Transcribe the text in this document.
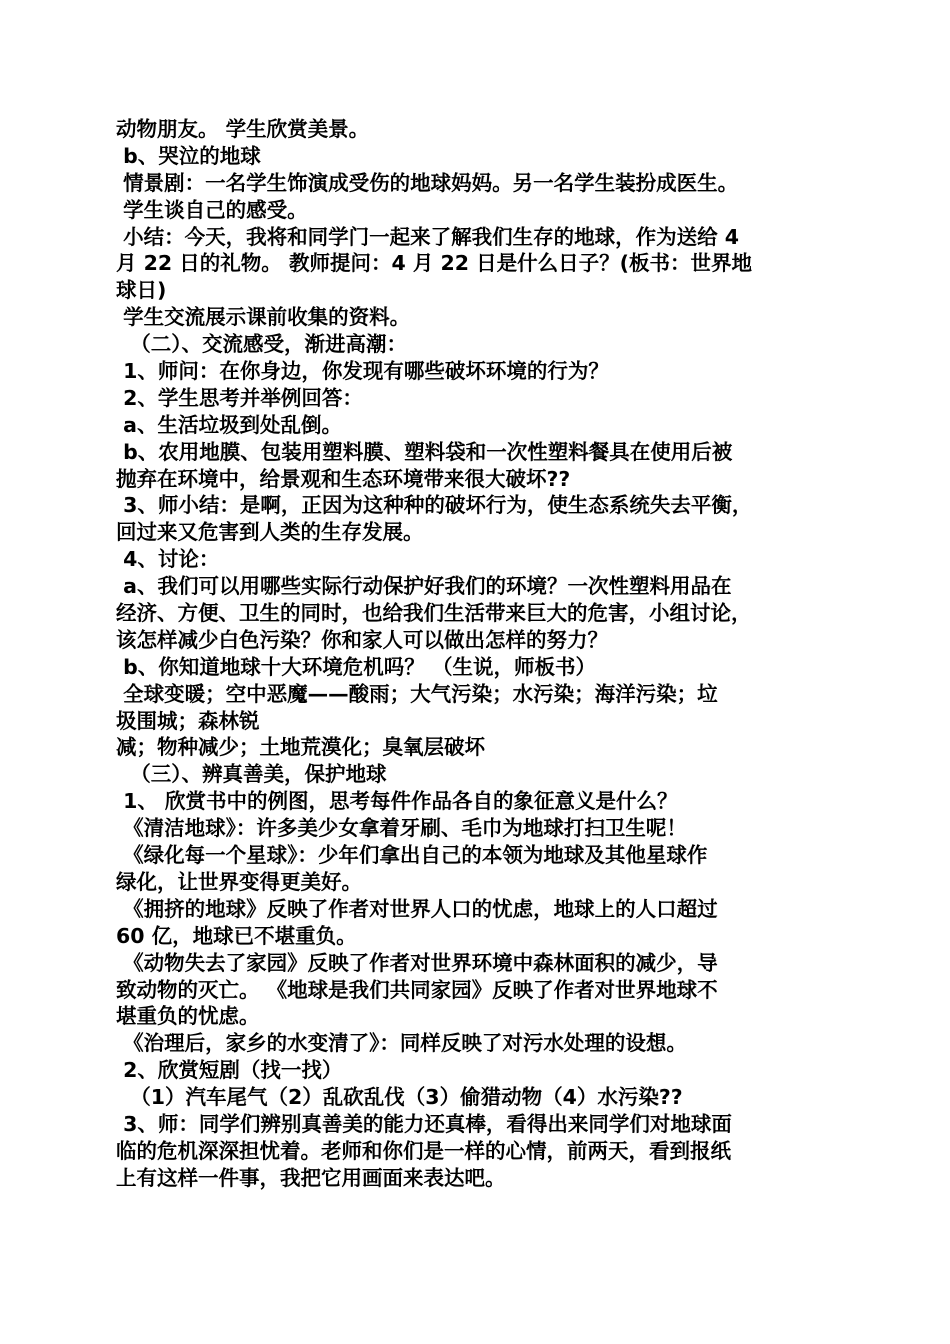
动物朋友。 学生欣赏美景。
b、哭泣的地球
情景剧：一名学生饰演成受伤的地球妈妈。另一名学生装扮成医生。
学生谈自己的感受。
小结：今天，我将和同学门一起来了解我们生存的地球，作为送给 4
月 22 日的礼物。 教师提问：4 月 22 日是什么日子？(板书：世界地
球日)
学生交流展示课前收集的资料。
（二）、交流感受，渐进高潮：
1、师问：在你身边，你发现有哪些破坏环境的行为？
2、学生思考并举例回答：
a、生活垃圾到处乱倒。
b、农用地膜、包装用塑料膜、塑料袋和一次性塑料餐具在使用后被
抛弃在环境中，给景观和生态环境带来很大破坏??
3、师小结：是啊，正因为这种种的破坏行为，使生态系统失去平衡，
回过来又危害到人类的生存发展。
4、讨论：
a、我们可以用哪些实际行动保护好我们的环境？一次性塑料用品在
经济、方便、卫生的同时，也给我们生活带来巨大的危害，小组讨论，
该怎样减少白色污染？你和家人可以做出怎样的努力？
b、你知道地球十大环境危机吗？ （生说，师板书）
全球变暖；空中恶魔——酸雨；大气污染；水污染；海洋污染；垃
圾围城；森林锐
减；物种减少；土地荒漠化；臭氧层破坏
（三）、辨真善美，保护地球
1、 欣赏书中的例图，思考每件作品各自的象征意义是什么？
《清洁地球》：许多美少女拿着牙刷、毛巾为地球打扫卫生呢！
《绿化每一个星球》：少年们拿出自己的本领为地球及其他星球作
绿化，让世界变得更美好。
《拥挤的地球》反映了作者对世界人口的忧虑，地球上的人口超过
60 亿，地球已不堪重负。
《动物失去了家园》反映了作者对世界环境中森林面积的减少，导
致动物的灭亡。 《地球是我们共同家园》反映了作者对世界地球不
堪重负的忧虑。
《治理后，家乡的水变清了》：同样反映了对污水处理的设想。
2、欣赏短剧（找一找）
（1）汽车尾气（2）乱砍乱伐（3）偷猎动物（4）水污染??
3、师：同学们辨别真善美的能力还真棒，看得出来同学们对地球面
临的危机深深担忧着。老师和你们是一样的心情，前两天，看到报纸
上有这样一件事，我把它用画面来表达吧。
